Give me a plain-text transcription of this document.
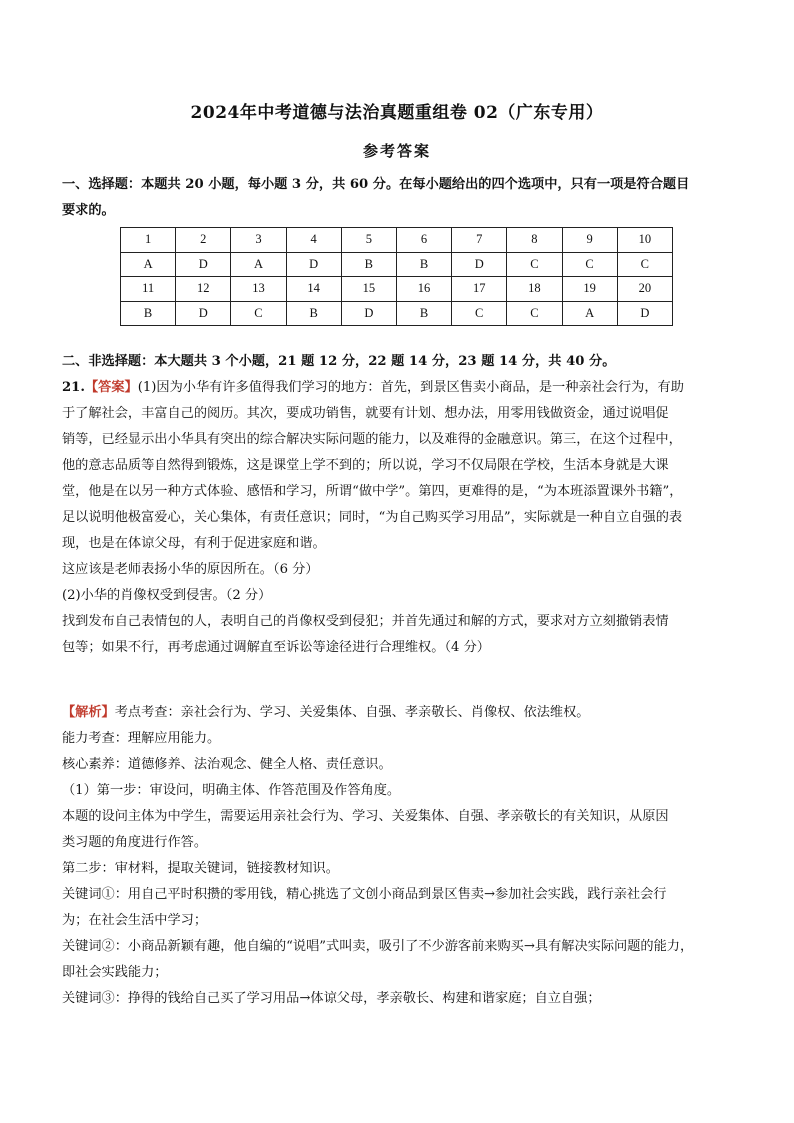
2024年中考道德与法治真题重组卷 02（广东专用）
参考答案
一、选择题：本题共 20 小题，每小题 3 分，共 60 分。在每小题给出的四个选项中，只有一项是符合题目
要求的。
1	2	3	4	5	6	7	8	9	10
A	D	A	D	B	B	D	C	C	C
11	12	13	14	15	16	17	18	19	20
B	D	C	B	D	B	C	C	A	D
二、非选择题：本大题共 3 个小题，21 题 12 分，22 题 14 分，23 题 14 分，共 40 分。
21.【答案】(1)因为小华有许多值得我们学习的地方：首先，到景区售卖小商品，是一种亲社会行为，有助
于了解社会，丰富自己的阅历。其次，要成功销售，就要有计划、想办法，用零用钱做资金，通过说唱促
销等，已经显示出小华具有突出的综合解决实际问题的能力，以及难得的金融意识。第三，在这个过程中，
他的意志品质等自然得到锻炼，这是课堂上学不到的；所以说，学习不仅局限在学校，生活本身就是大课
堂，他是在以另一种方式体验、感悟和学习，所谓“做中学”。第四，更难得的是，“为本班添置课外书籍”，
足以说明他极富爱心，关心集体，有责任意识；同时，“为自己购买学习用品”，实际就是一种自立自强的表
现，也是在体谅父母，有利于促进家庭和谐。
这应该是老师表扬小华的原因所在。（6 分）
(2)小华的肖像权受到侵害。（2 分）
找到发布自己表情包的人，表明自己的肖像权受到侵犯；并首先通过和解的方式，要求对方立刻撤销表情
包等；如果不行，再考虑通过调解直至诉讼等途径进行合理维权。（4 分）
【解析】考点考查：亲社会行为、学习、关爱集体、自强、孝亲敬长、肖像权、依法维权。
能力考查：理解应用能力。
核心素养：道德修养、法治观念、健全人格、责任意识。
（1）第一步：审设问，明确主体、作答范围及作答角度。
本题的设问主体为中学生，需要运用亲社会行为、学习、关爱集体、自强、孝亲敬长的有关知识，从原因
类习题的角度进行作答。
第二步：审材料，提取关键词，链接教材知识。
关键词①：用自己平时积攒的零用钱，精心挑选了文创小商品到景区售卖→参加社会实践，践行亲社会行
为；在社会生活中学习；
关键词②：小商品新颖有趣，他自编的“说唱”式叫卖，吸引了不少游客前来购买→具有解决实际问题的能力，
即社会实践能力；
关键词③：挣得的钱给自己买了学习用品→体谅父母，孝亲敬长、构建和谐家庭；自立自强；
